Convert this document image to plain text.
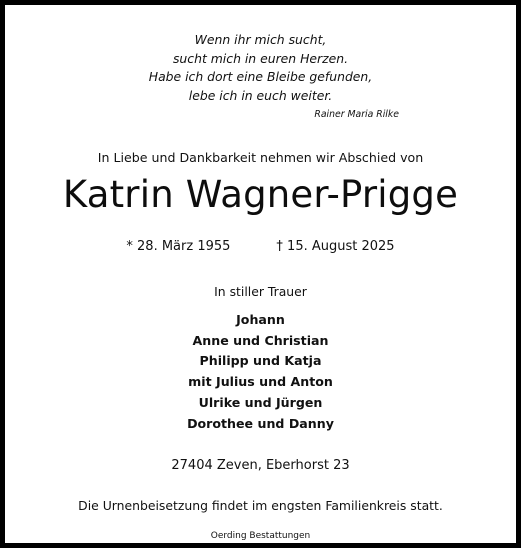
Wenn ihr mich sucht,
sucht mich in euren Herzen.
Habe ich dort eine Bleibe gefunden,
lebe ich in euch weiter.
Rainer Maria Rilke
In Liebe und Dankbarkeit nehmen wir Abschied von
Katrin Wagner-Prigge
* 28. März 1955	† 15. August 2025
In stiller Trauer
Johann
Anne und Christian
Philipp und Katja
mit Julius und Anton
Ulrike und Jürgen
Dorothee und Danny
27404 Zeven, Eberhorst 23
Die Urnenbeisetzung findet im engsten Familienkreis statt.
Oerding Bestattungen
